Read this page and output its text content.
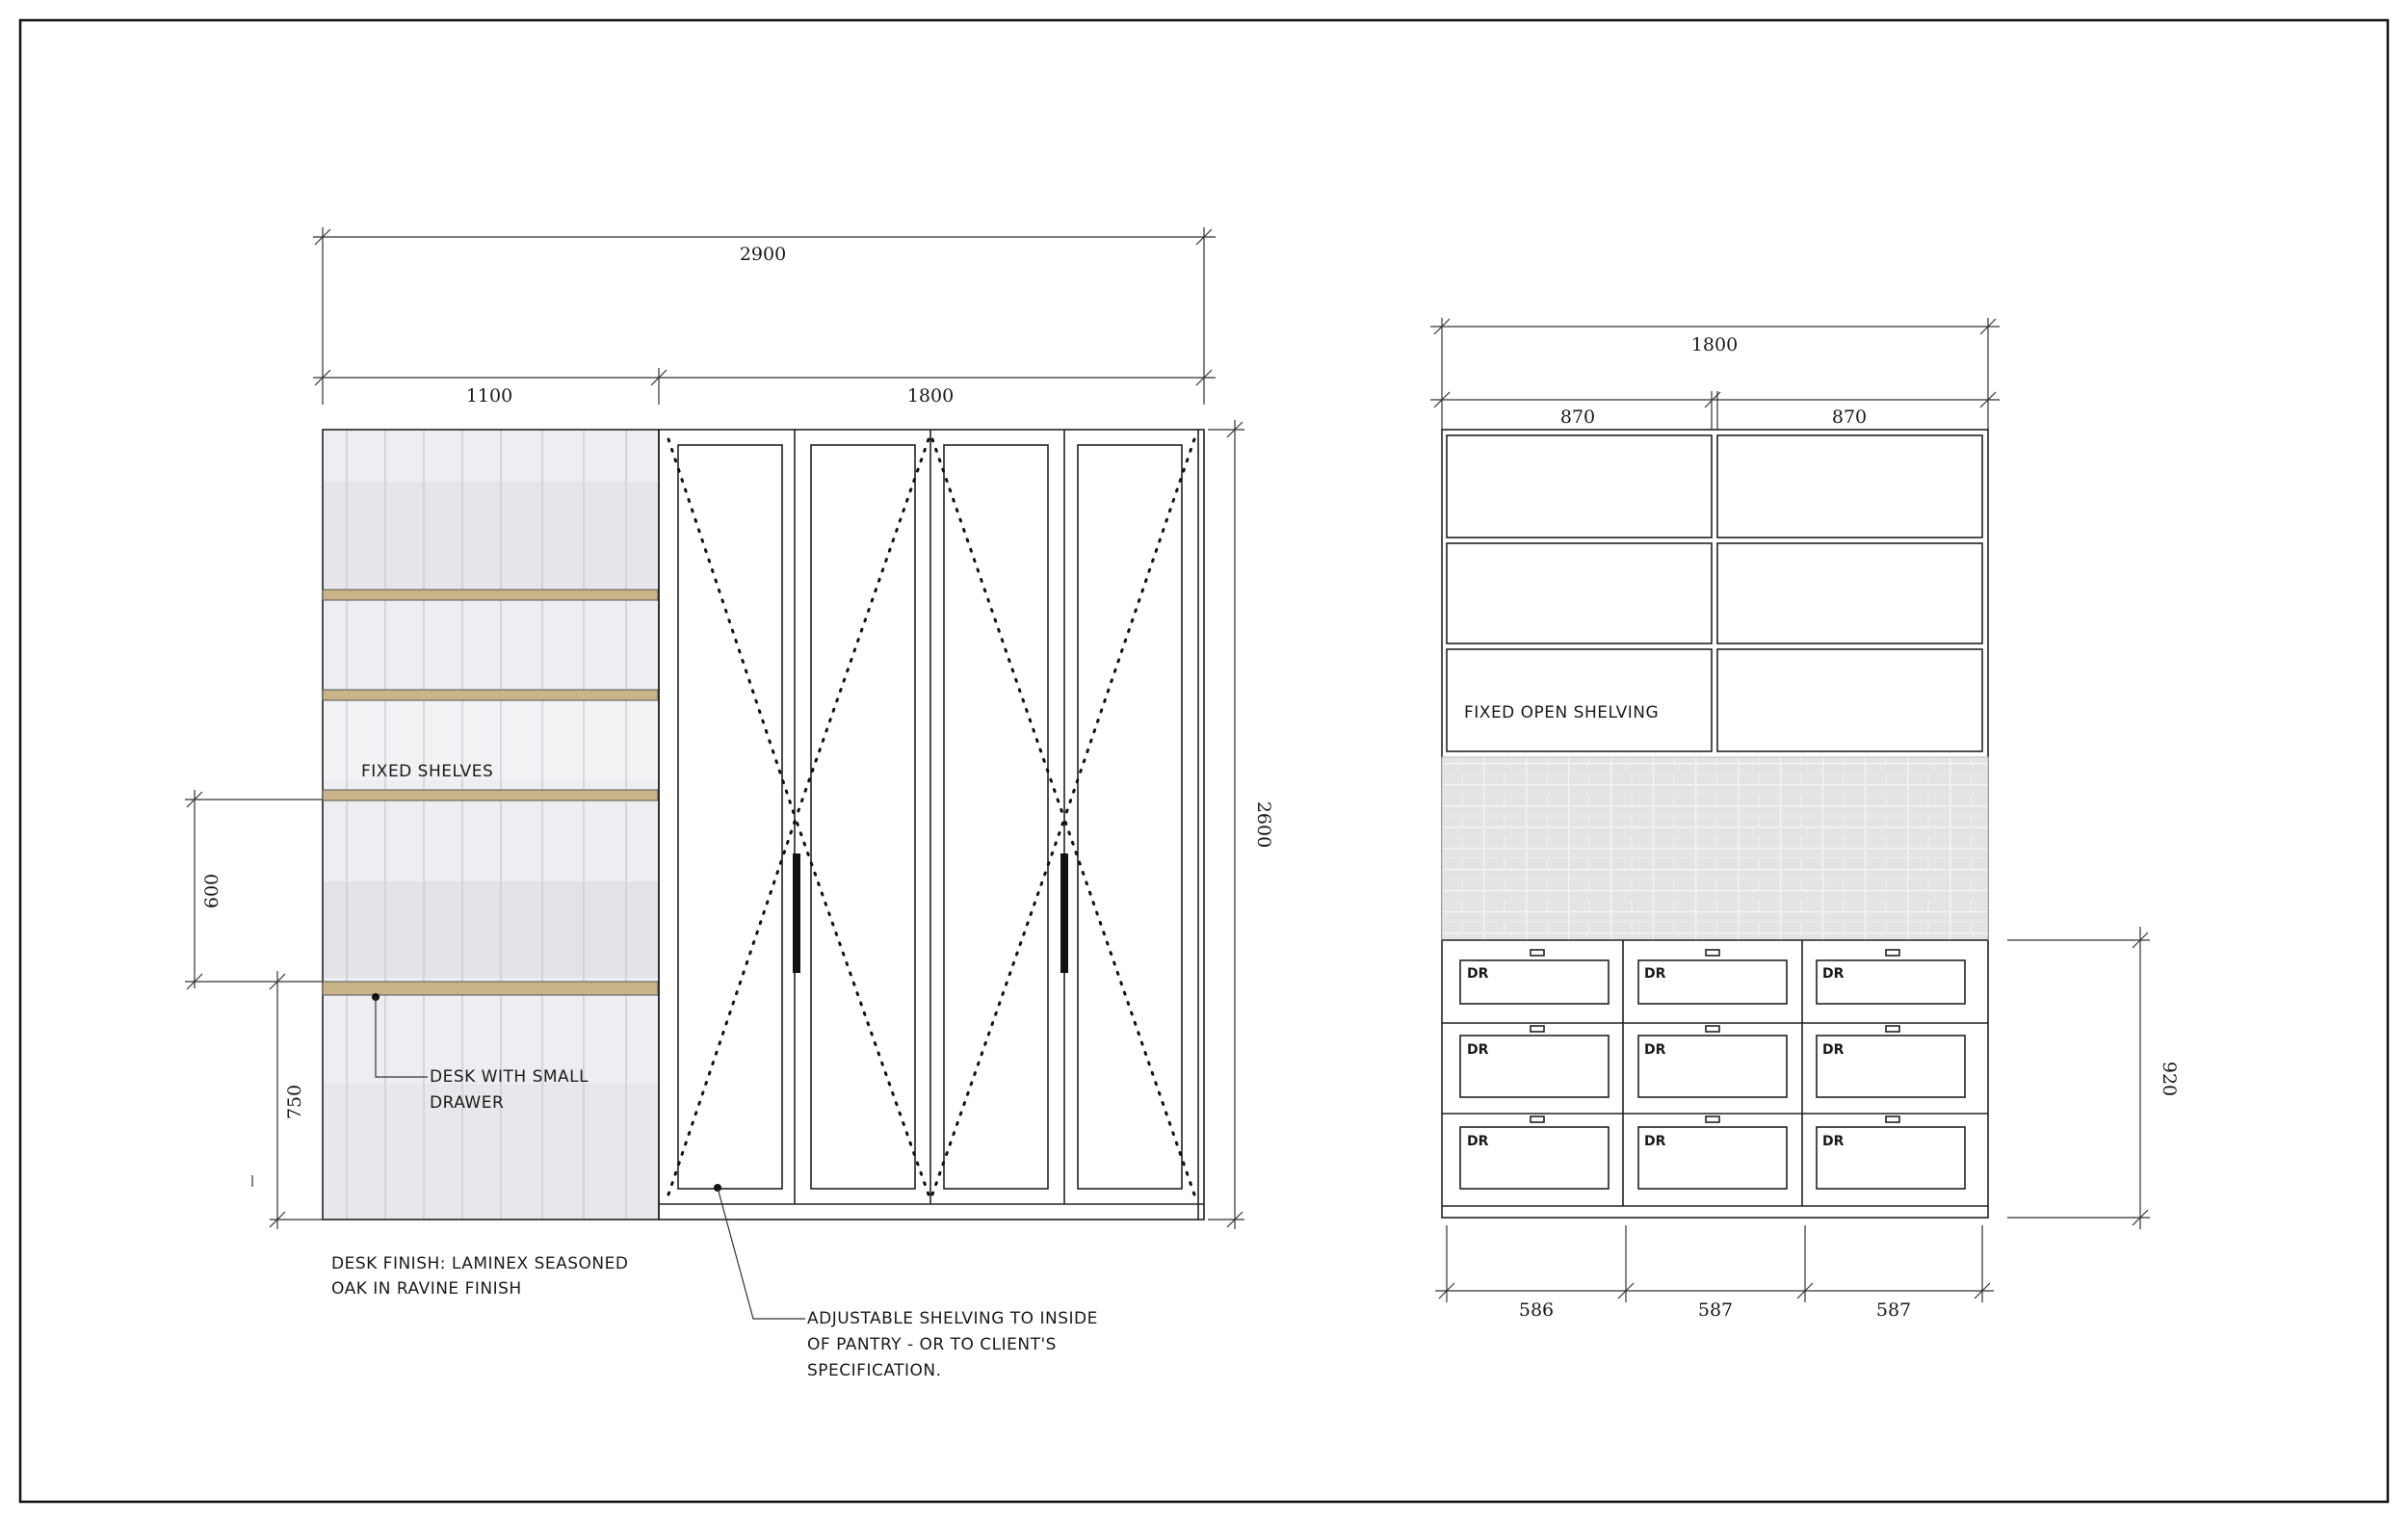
2900
1100	1800
2600
600
750
FIXED SHELVES
DESK WITH SMALL
DRAWER
DESK FINISH: LAMINEX SEASONED
OAK IN RAVINE FINISH
ADJUSTABLE SHELVING TO INSIDE
OF PANTRY - OR TO CLIENT'S
SPECIFICATION.
1800
870	870
FIXED OPEN SHELVING
DR	DR	DR
DR	DR	DR
DR	DR	DR
920
586	587	587
